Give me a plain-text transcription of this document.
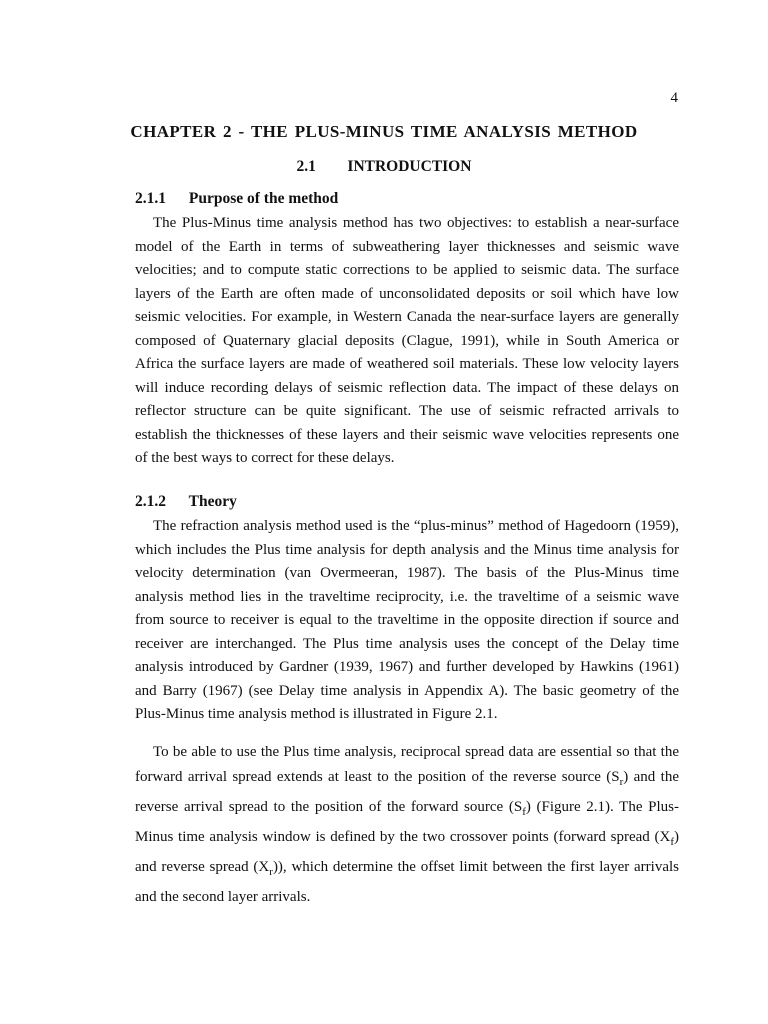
4
CHAPTER 2 - THE PLUS-MINUS TIME ANALYSIS METHOD
2.1 INTRODUCTION
2.1.1 Purpose of the method

The Plus-Minus time analysis method has two objectives: to establish a near-surface model of the Earth in terms of subweathering layer thicknesses and seismic wave velocities; and to compute static corrections to be applied to seismic data. The surface layers of the Earth are often made of unconsolidated deposits or soil which have low seismic velocities. For example, in Western Canada the near-surface layers are generally composed of Quaternary glacial deposits (Clague, 1991), while in South America or Africa the surface layers are made of weathered soil materials. These low velocity layers will induce recording delays of seismic reflection data. The impact of these delays on reflector structure can be quite significant. The use of seismic refracted arrivals to establish the thicknesses of these layers and their seismic wave velocities represents one of the best ways to correct for these delays.

2.1.2 Theory

The refraction analysis method used is the “plus-minus” method of Hagedoorn (1959), which includes the Plus time analysis for depth analysis and the Minus time analysis for velocity determination (van Overmeeran, 1987). The basis of the Plus-Minus time analysis method lies in the traveltime reciprocity, i.e. the traveltime of a seismic wave from source to receiver is equal to the traveltime in the opposite direction if source and receiver are interchanged. The Plus time analysis uses the concept of the Delay time analysis introduced by Gardner (1939, 1967) and further developed by Hawkins (1961) and Barry (1967) (see Delay time analysis in Appendix A). The basic geometry of the Plus-Minus time analysis method is illustrated in Figure 2.1.

To be able to use the Plus time analysis, reciprocal spread data are essential so that the forward arrival spread extends at least to the position of the reverse source $(S_r)$ and the reverse arrival spread to the position of the forward source $(S_f)$ (Figure 2.1). The Plus-Minus time analysis window is defined by the two crossover points (forward spread $(X_f)$ and reverse spread $(X_r)$), which determine the offset limit between the first layer arrivals and the second layer arrivals.
